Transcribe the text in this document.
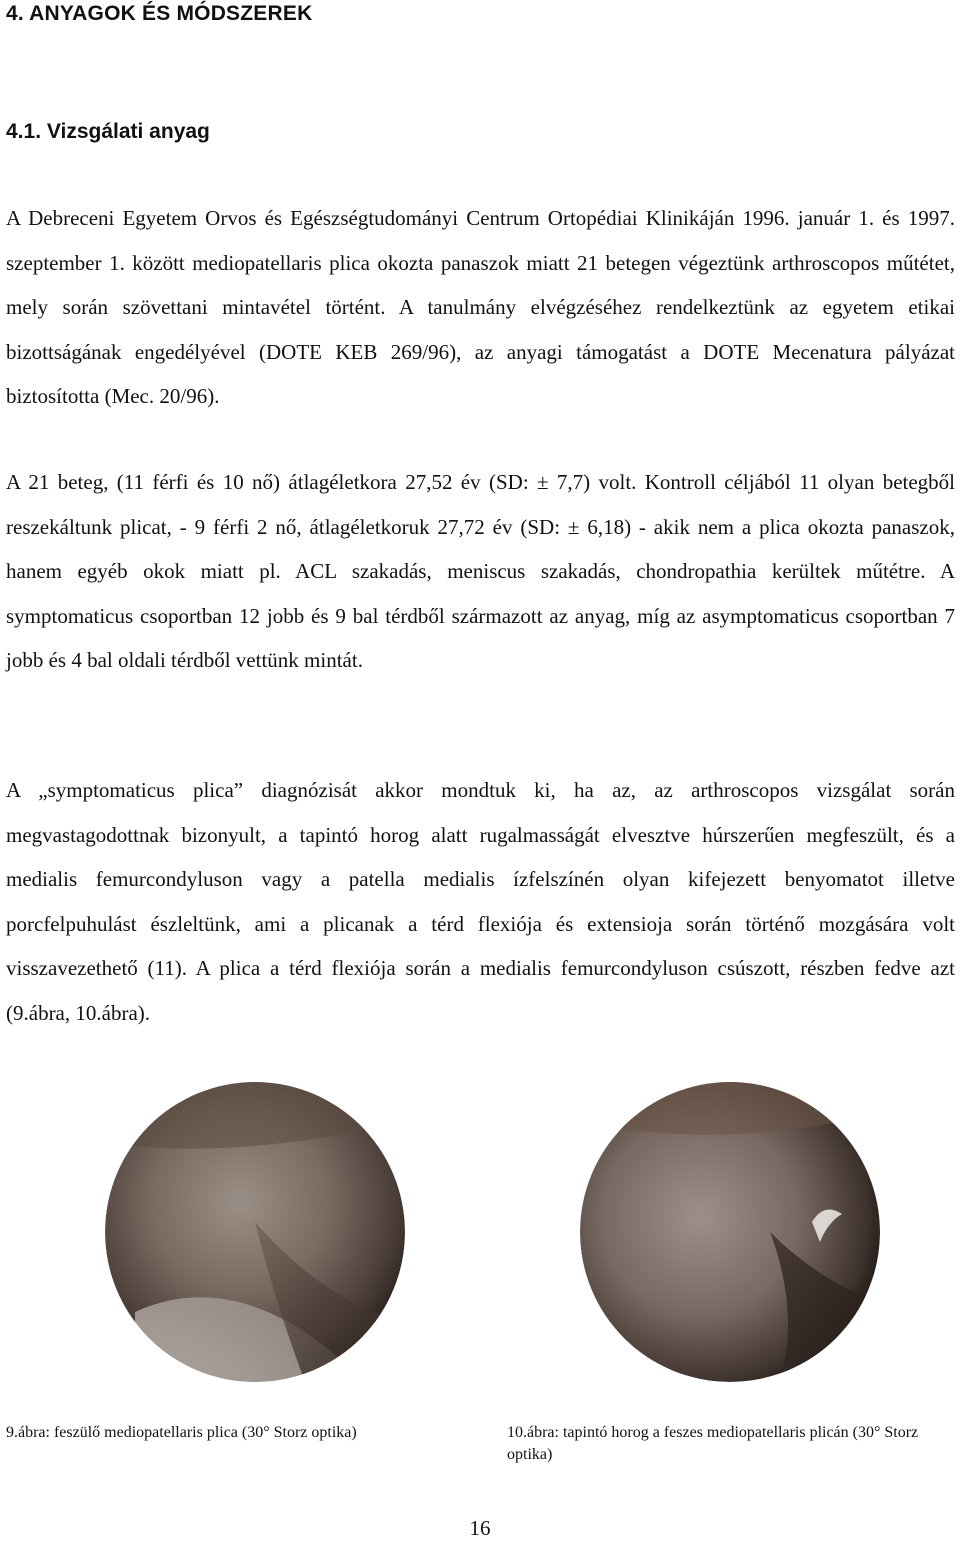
4. ANYAGOK ÉS MÓDSZEREK
4.1. Vizsgálati anyag
A Debreceni Egyetem Orvos és Egészségtudományi Centrum Ortopédiai Klinikáján 1996. január 1. és 1997. szeptember 1. között mediopatellaris plica okozta panaszok miatt 21 betegen végeztünk arthroscopos műtétet, mely során szövettani mintavétel történt. A tanulmány elvégzéséhez rendelkeztünk az egyetem etikai bizottságának engedélyével (DOTE KEB 269/96), az anyagi támogatást a DOTE Mecenatura pályázat biztosította (Mec. 20/96).
A 21 beteg, (11 férfi és 10 nő) átlagéletkora 27,52 év (SD: ± 7,7) volt. Kontroll céljából 11 olyan betegből reszekáltunk plicat, - 9 férfi 2 nő, átlagéletkoruk 27,72 év (SD: ± 6,18) - akik nem a plica okozta panaszok, hanem egyéb okok miatt pl. ACL szakadás, meniscus szakadás, chondropathia kerültek műtétre. A symptomaticus csoportban 12 jobb és 9 bal térdből származott az anyag, míg az asymptomaticus csoportban 7 jobb és 4 bal oldali térdből vettünk mintát.
A „symptomaticus plica” diagnózisát akkor mondtuk ki, ha az, az arthroscopos vizsgálat során megvastagodottnak bizonyult, a tapintó horog alatt rugalmasságát elvesztve húrszerűen megfeszült, és a medialis femurcondyluson vagy a patella medialis ízfelszínén olyan kifejezett benyomatot illetve porcfelpuhulást észleltünk, ami a plicanak a térd flexiója és extensioja során történő mozgására volt visszavezethető (11). A plica a térd flexiója során a medialis femurcondyluson csúszott, részben fedve azt (9.ábra, 10.ábra).
9.ábra: feszülő mediopatellaris plica (30° Storz optika)	10.ábra: tapintó horog a feszes mediopatellaris plicán (30° Storz optika)
16
